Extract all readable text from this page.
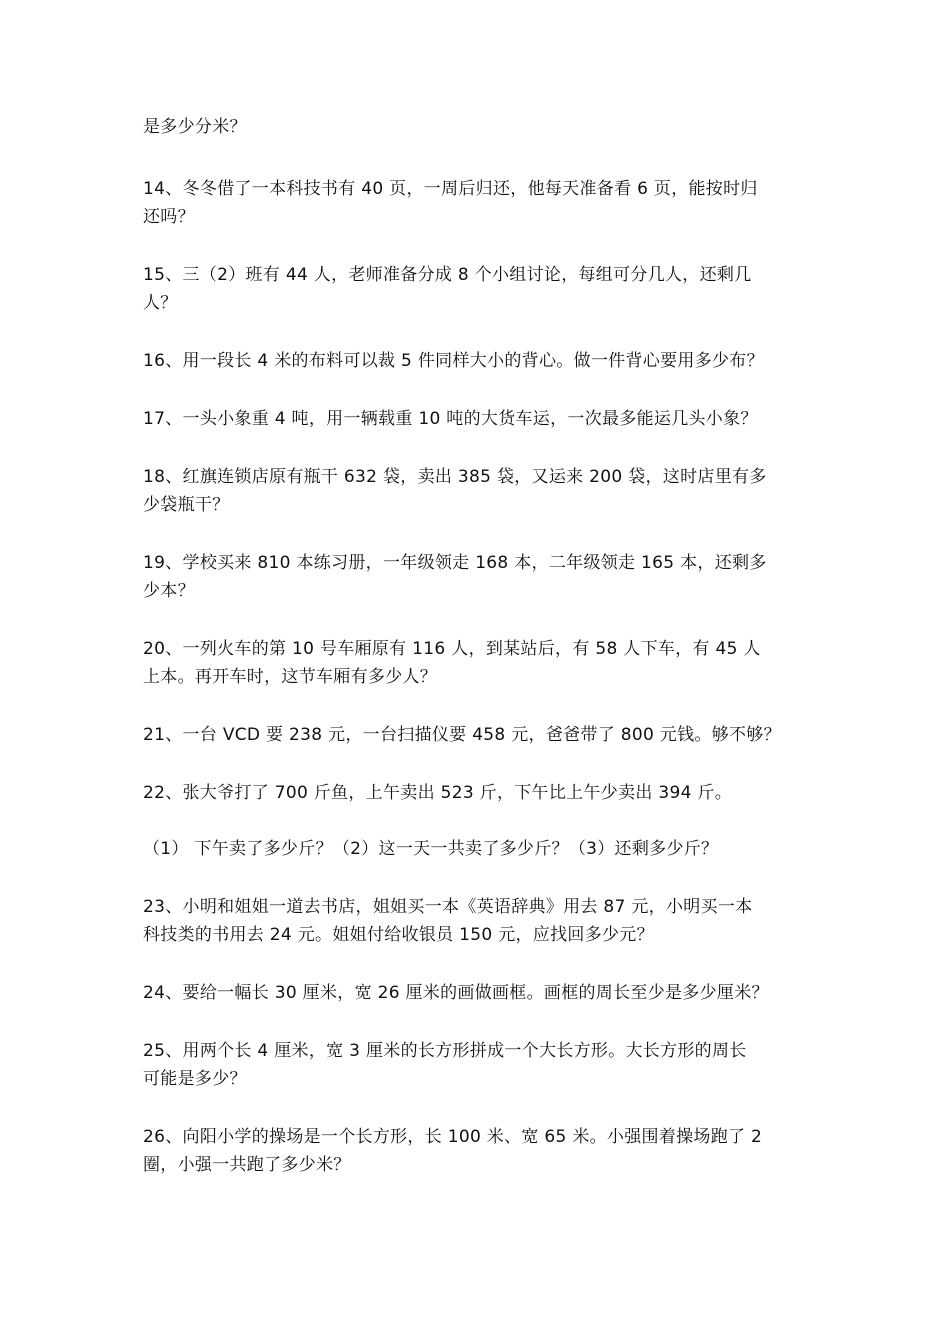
是多少分米？
14、冬冬借了一本科技书有 40 页，一周后归还，他每天准备看 6 页，能按时归
还吗？
15、三（2）班有 44 人，老师准备分成 8 个小组讨论，每组可分几人，还剩几
人？
16、用一段长 4 米的布料可以裁 5 件同样大小的背心。做一件背心要用多少布？
17、一头小象重 4 吨，用一辆载重 10 吨的大货车运，一次最多能运几头小象？
18、红旗连锁店原有瓶干 632 袋，卖出 385 袋，又运来 200 袋，这时店里有多
少袋瓶干？
19、学校买来 810 本练习册，一年级领走 168 本，二年级领走 165 本，还剩多
少本？
20、一列火车的第 10 号车厢原有 116 人，到某站后，有 58 人下车，有 45 人
上本。再开车时，这节车厢有多少人？
21、一台 VCD 要 238 元，一台扫描仪要 458 元，爸爸带了 800 元钱。够不够？
22、张大爷打了 700 斤鱼，上午卖出 523 斤，下午比上午少卖出 394 斤。
（1） 下午卖了多少斤？（2）这一天一共卖了多少斤？（3）还剩多少斤？
23、小明和姐姐一道去书店，姐姐买一本《英语辞典》用去 87 元，小明买一本
科技类的书用去 24 元。姐姐付给收银员 150 元，应找回多少元？
24、要给一幅长 30 厘米，宽 26 厘米的画做画框。画框的周长至少是多少厘米？
25、用两个长 4 厘米，宽 3 厘米的长方形拼成一个大长方形。大长方形的周长
可能是多少？
26、向阳小学的操场是一个长方形，长 100 米、宽 65 米。小强围着操场跑了 2
圈，小强一共跑了多少米？
